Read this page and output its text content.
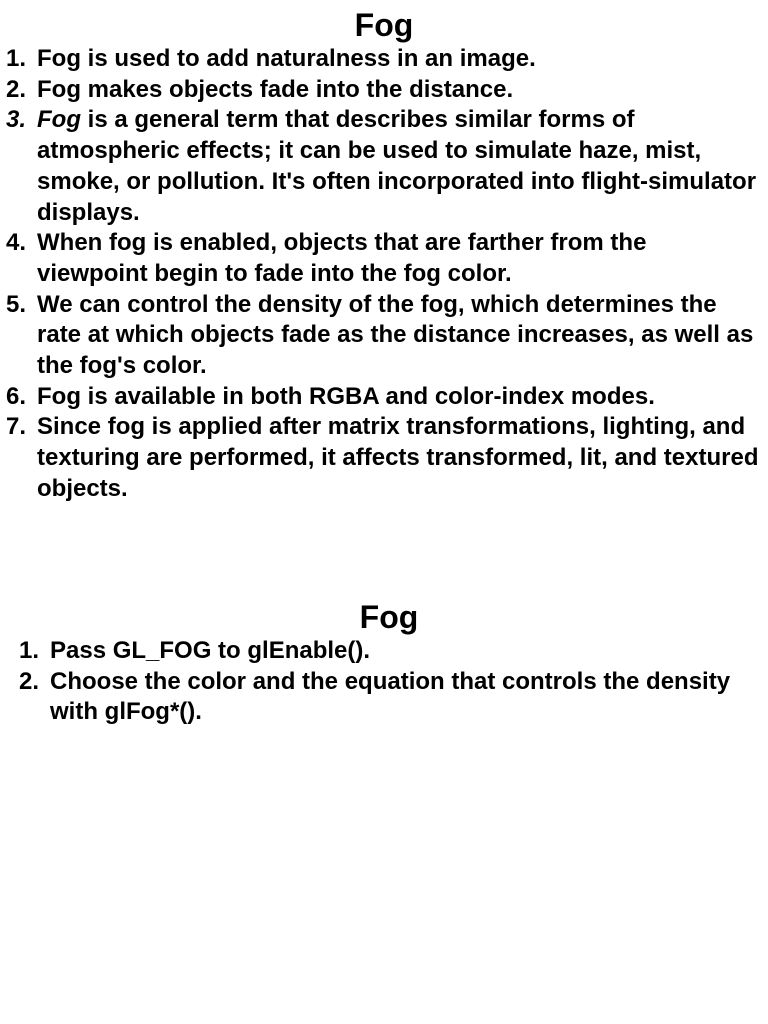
Fog
1. Fog is used to add naturalness in an image.
2. Fog makes objects fade into the distance.
3. Fog is a general term that describes similar forms of atmospheric effects; it can be used to simulate haze, mist, smoke, or pollution. It's often incorporated into flight-simulator displays.
4. When fog is enabled, objects that are farther from the viewpoint begin to fade into the fog color.
5. We can control the density of the fog, which determines the rate at which objects fade as the distance increases, as well as the fog's color.
6. Fog is available in both RGBA and color-index modes.
7. Since fog is applied after matrix transformations, lighting, and texturing are performed, it affects transformed, lit, and textured objects.
Fog
1. Pass GL_FOG to glEnable().
2. Choose the color and the equation that controls the density with glFog*().
